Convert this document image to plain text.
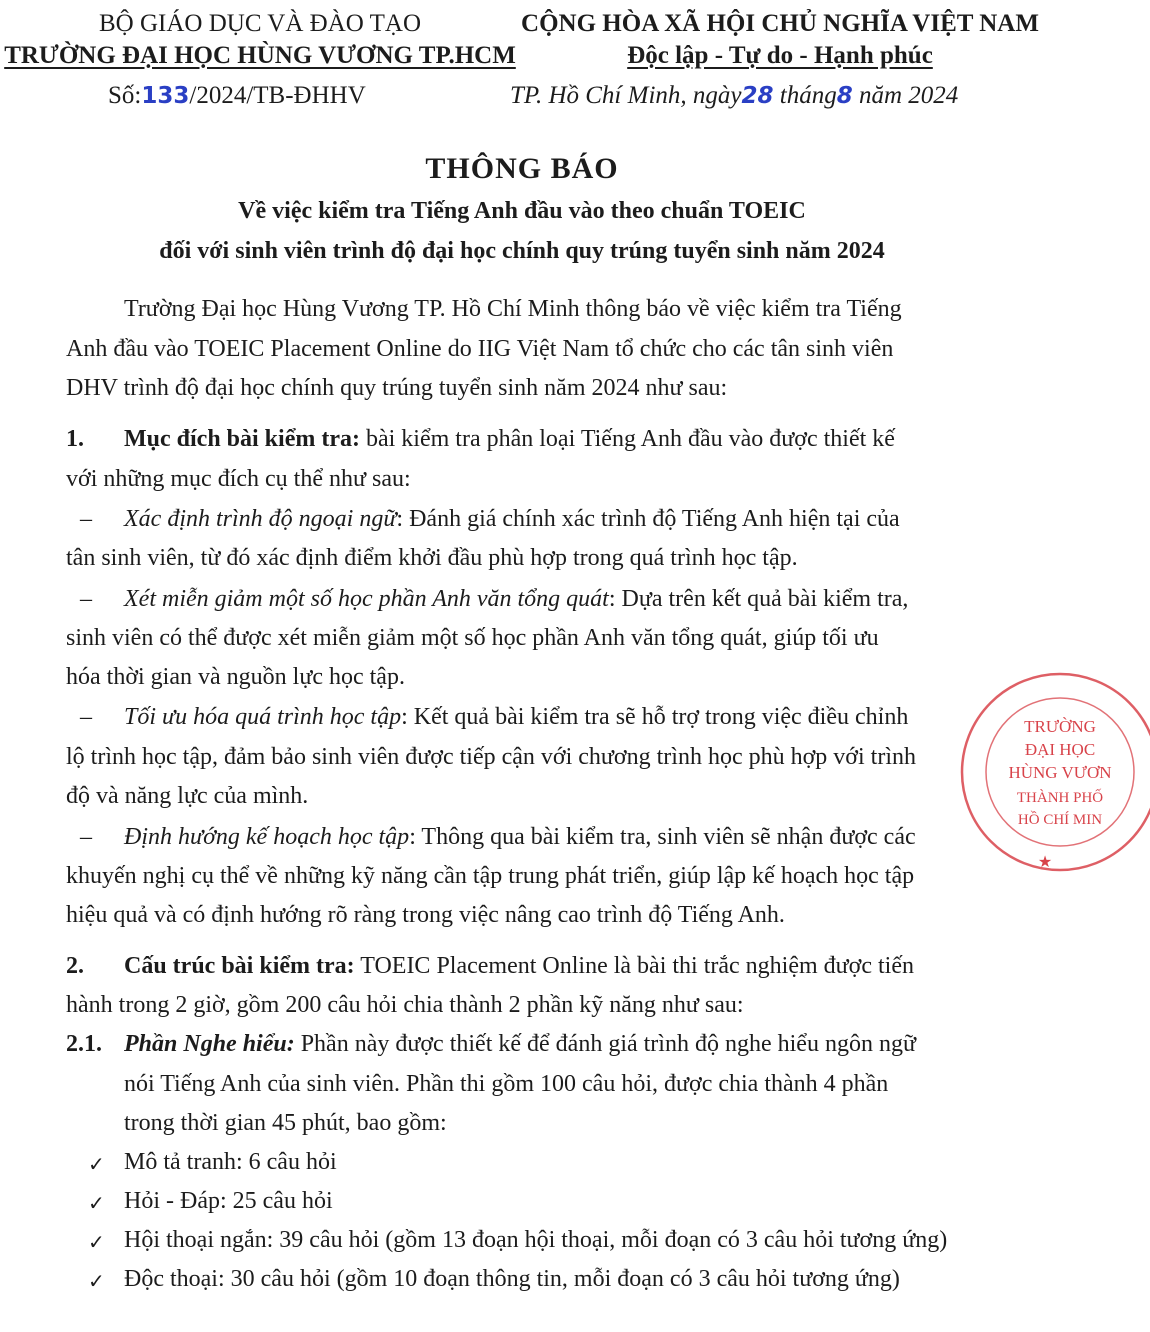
BỘ GIÁO DỤC VÀ ĐÀO TẠO
TRƯỜNG ĐẠI HỌC HÙNG VƯƠNG TP.HCM
CỘNG HÒA XÃ HỘI CHỦ NGHĨA VIỆT NAM
Độc lập - Tự do - Hạnh phúc
Số:133/2024/TB-ĐHHV	TP. Hồ Chí Minh, ngày28 tháng8 năm 2024
THÔNG BÁO
Về việc kiểm tra Tiếng Anh đầu vào theo chuẩn TOEIC
đối với sinh viên trình độ đại học chính quy trúng tuyển sinh năm 2024
Trường Đại học Hùng Vương TP. Hồ Chí Minh thông báo về việc kiểm tra Tiếng
Anh đầu vào TOEIC Placement Online do IIG Việt Nam tổ chức cho các tân sinh viên
DHV trình độ đại học chính quy trúng tuyển sinh năm 2024 như sau:
1. Mục đích bài kiểm tra: bài kiểm tra phân loại Tiếng Anh đầu vào được thiết kế
với những mục đích cụ thể như sau:
– Xác định trình độ ngoại ngữ: Đánh giá chính xác trình độ Tiếng Anh hiện tại của
tân sinh viên, từ đó xác định điểm khởi đầu phù hợp trong quá trình học tập.
– Xét miễn giảm một số học phần Anh văn tổng quát: Dựa trên kết quả bài kiểm tra,
sinh viên có thể được xét miễn giảm một số học phần Anh văn tổng quát, giúp tối ưu
hóa thời gian và nguồn lực học tập.
– Tối ưu hóa quá trình học tập: Kết quả bài kiểm tra sẽ hỗ trợ trong việc điều chỉnh
lộ trình học tập, đảm bảo sinh viên được tiếp cận với chương trình học phù hợp với trình
độ và năng lực của mình.
– Định hướng kế hoạch học tập: Thông qua bài kiểm tra, sinh viên sẽ nhận được các
khuyến nghị cụ thể về những kỹ năng cần tập trung phát triển, giúp lập kế hoạch học tập
hiệu quả và có định hướng rõ ràng trong việc nâng cao trình độ Tiếng Anh.
2. Cấu trúc bài kiểm tra: TOEIC Placement Online là bài thi trắc nghiệm được tiến
hành trong 2 giờ, gồm 200 câu hỏi chia thành 2 phần kỹ năng như sau:
2.1. Phần Nghe hiểu: Phần này được thiết kế để đánh giá trình độ nghe hiểu ngôn ngữ
nói Tiếng Anh của sinh viên. Phần thi gồm 100 câu hỏi, được chia thành 4 phần
trong thời gian 45 phút, bao gồm:
✓ Mô tả tranh: 6 câu hỏi
✓ Hỏi - Đáp: 25 câu hỏi
✓ Hội thoại ngắn: 39 câu hỏi (gồm 13 đoạn hội thoại, mỗi đoạn có 3 câu hỏi tương ứng)
✓ Độc thoại: 30 câu hỏi (gồm 10 đoạn thông tin, mỗi đoạn có 3 câu hỏi tương ứng)
TRƯỜNG
ĐẠI HỌC
HÙNG VƯƠN
THÀNH PHỐ
HỒ CHÍ MIN
★
